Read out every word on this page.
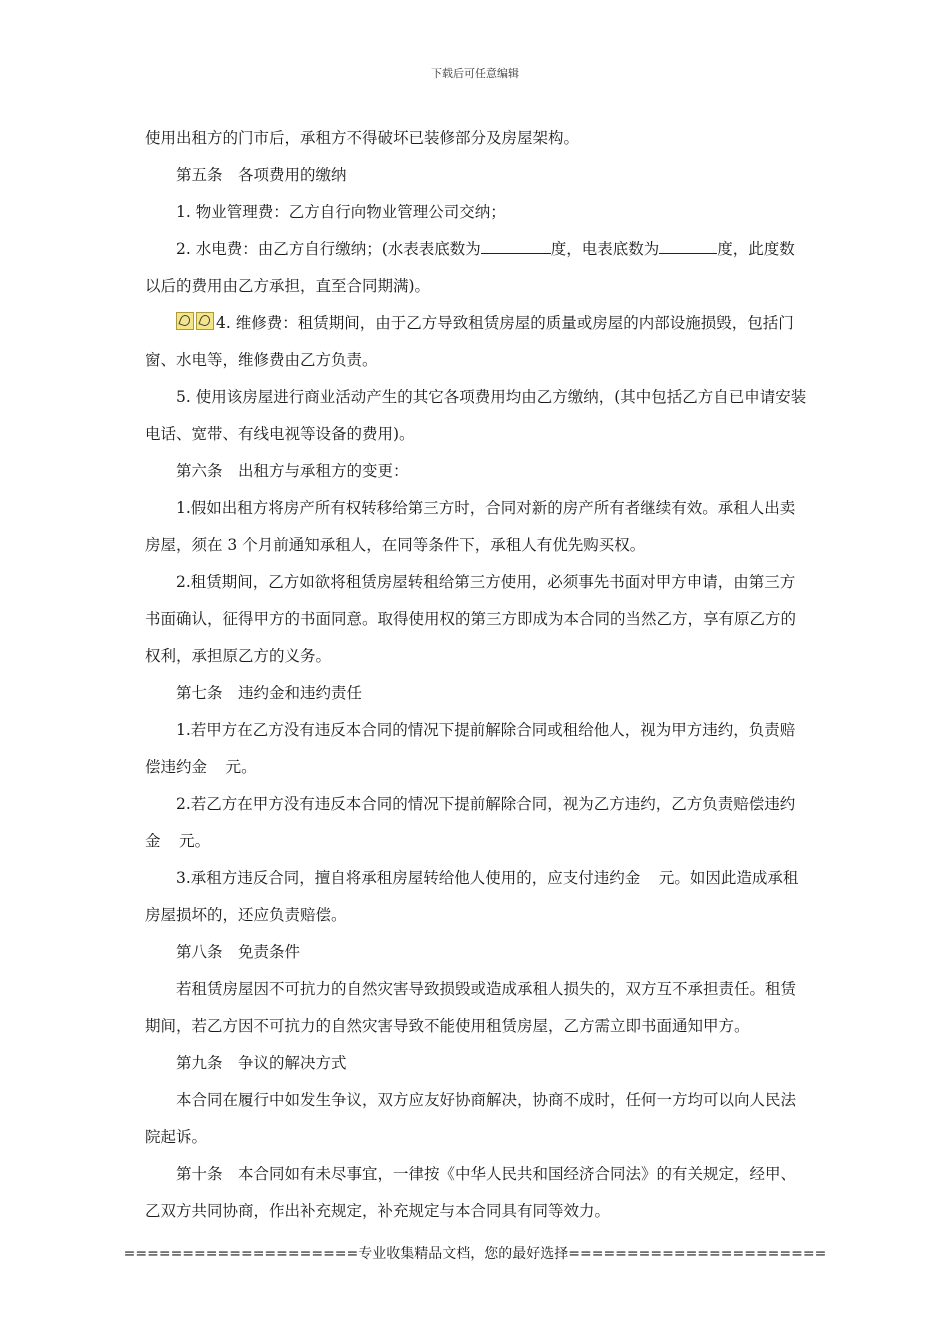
下载后可任意编辑

使用出租方的门市后，承租方不得破坏已装修部分及房屋架构。

第五条　各项费用的缴纳

1. 物业管理费：乙方自行向物业管理公司交纳；

2. 水电费：由乙方自行缴纳；(水表表底数为	度，电表底数为	度，此度数以后的费用由乙方承担，直至合同期满)。

4. 维修费：租赁期间，由于乙方导致租赁房屋的质量或房屋的内部设施损毁，包括门窗、水电等，维修费由乙方负责。

5. 使用该房屋进行商业活动产生的其它各项费用均由乙方缴纳，(其中包括乙方自已申请安装电话、宽带、有线电视等设备的费用)。

第六条　出租方与承租方的变更：

1.假如出租方将房产所有权转移给第三方时，合同对新的房产所有者继续有效。承租人出卖房屋，须在 3 个月前通知承租人，在同等条件下，承租人有优先购买权。

2.租赁期间，乙方如欲将租赁房屋转租给第三方使用，必须事先书面对甲方申请，由第三方书面确认，征得甲方的书面同意。取得使用权的第三方即成为本合同的当然乙方，享有原乙方的权利，承担原乙方的义务。

第七条　违约金和违约责任

1.若甲方在乙方没有违反本合同的情况下提前解除合同或租给他人，视为甲方违约，负责赔偿违约金 元。

2.若乙方在甲方没有违反本合同的情况下提前解除合同，视为乙方违约，乙方负责赔偿违约金 元。

3.承租方违反合同，擅自将承租房屋转给他人使用的，应支付违约金 元。如因此造成承租房屋损坏的，还应负责赔偿。

第八条　免责条件

若租赁房屋因不可抗力的自然灾害导致损毁或造成承租人损失的，双方互不承担责任。租赁期间，若乙方因不可抗力的自然灾害导致不能使用租赁房屋，乙方需立即书面通知甲方。

第九条　争议的解决方式

本合同在履行中如发生争议，双方应友好协商解决，协商不成时，任何一方均可以向人民法院起诉。

第十条　本合同如有未尽事宜，一律按《中华人民共和国经济合同法》的有关规定，经甲、乙双方共同协商，作出补充规定，补充规定与本合同具有同等效力。

====================专业收集精品文档，您的最好选择======================
